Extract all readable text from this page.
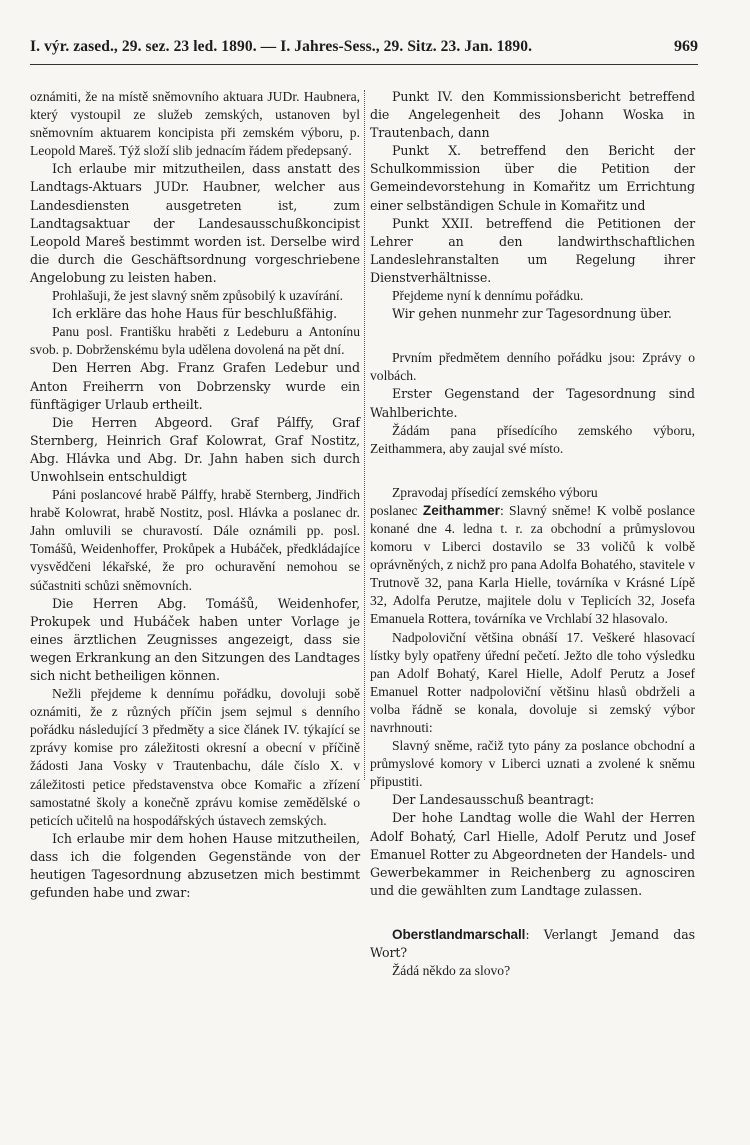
I. výr. zased., 29. sez. 23 led. 1890. — I. Jahres-Sess., 29. Sitz. 23. Jan. 1890.	969

oznámiti, že na místě sněmovního aktuara JUDr. Haubnera, který vystoupil ze služeb zemských, ustanoven byl sněmovním aktuarem koncipista při zemském výboru, p. Leopold Mareš. Týž složí slib jednacím řádem předepsaný.

Ich erlaube mir mitzutheilen, dass anstatt des Landtags-Aktuars JUDr. Haubner, welcher aus Landesdiensten ausgetreten ist, zum Landtagsaktuar der Landesausschußkoncipist Leopold Mareš bestimmt worden ist. Derselbe wird die durch die Geschäftsordnung vorgeschriebene Angelobung zu leisten haben.

Prohlašuji, že jest slavný sněm způsobilý k uzavírání.

Ich erkläre das hohe Haus für beschlußfähig.

Panu posl. Františku hraběti z Ledeburu a Antonínu svob. p. Dobrženskému byla udělena dovolená na pět dní.

Den Herren Abg. Franz Grafen Ledebur und Anton Freiherrn von Dobrzensky wurde ein fünftägiger Urlaub ertheilt.

Die Herren Abgeord. Graf Pálffy, Graf Sternberg, Heinrich Graf Kolowrat, Graf Nostitz, Abg. Hlávka und Abg. Dr. Jahn haben sich durch Unwohlsein entschuldigt

Páni poslancové hrabě Pálffy, hrabě Sternberg, Jindřich hrabě Kolowrat, hrabě Nostitz, posl. Hlávka a poslanec dr. Jahn omluvili se churavostí. Dále oznámili pp. posl. Tomášů, Weidenhoffer, Prokůpek a Hubáček, předkládajíce vysvědčeni lékařské, že pro ochuravění nemohou se súčastniti schůzi sněmovních.

Die Herren Abg. Tomášů, Weidenhofer, Prokupek und Hubáček haben unter Vorlage je eines ärztlichen Zeugnisses angezeigt, dass sie wegen Erkrankung an den Sitzungen des Landtages sich nicht betheiligen können.

Nežli přejdeme k dennímu pořádku, dovoluji sobě oznámiti, že z různých příčin jsem sejmul s denního pořádku následující 3 předměty a sice článek IV. týkající se zprávy komise pro záležitosti okresní a obecní v příčině žádosti Jana Vosky v Trautenbachu, dále číslo X. v záležitosti petice představenstva obce Komařic a zřízení samostatné školy a konečně zprávu komise zemědělské o peticích učitelů na hospodářských ústavech zemských.

Ich erlaube mir dem hohen Hause mitzutheilen, dass ich die folgenden Gegenstände von der heutigen Tagesordnung abzusetzen mich bestimmt gefunden habe und zwar:

Punkt IV. den Kommissionsbericht betreffend die Angelegenheit des Johann Woska in Trautenbach, dann

Punkt X. betreffend den Bericht der Schulkommission über die Petition der Gemeindevorstehung in Komařitz um Errichtung einer selbständigen Schule in Komařitz und

Punkt XXII. betreffend die Petitionen der Lehrer an den landwirthschaftlichen Landeslehranstalten um Regelung ihrer Dienstverhältnisse.

Přejdeme nyní k dennímu pořádku.

Wir gehen nunmehr zur Tagesordnung über.

Prvním předmětem denního pořádku jsou: Zprávy o volbách.

Erster Gegenstand der Tagesordnung sind Wahlberichte.

Žádám pana přísedícího zemského výboru, Zeithammera, aby zaujal své místo.

Zpravodaj přísedící zemského výboru

poslanec Zeithammer: Slavný sněme! K volbě poslance konané dne 4. ledna t. r. za obchodní a průmyslovou komoru v Liberci dostavilo se 33 voličů k volbě oprávněných, z nichž pro pana Adolfa Bohatého, stavitele v Trutnově 32, pana Karla Hielle, továrníka v Krásné Lípě 32, Adolfa Perutze, majitele dolu v Teplicích 32, Josefa Emanuela Rottera, továrníka ve Vrchlabí 32 hlasovalo.

Nadpoloviční většina obnáší 17. Veškeré hlasovací lístky byly opatřeny úřední pečetí. Ježto dle toho výsledku pan Adolf Bohatý, Karel Hielle, Adolf Perutz a Josef Emanuel Rotter nadpoloviční většinu hlasů obdrželi a volba řádně se konala, dovoluje si zemský výbor navrhnouti:

Slavný sněme, račiž tyto pány za poslance obchodní a průmyslové komory v Liberci uznati a zvolené k sněmu připustiti.

Der Landesausschuß beantragt:

Der hohe Landtag wolle die Wahl der Herren Adolf Bohatý, Carl Hielle, Adolf Perutz und Josef Emanuel Rotter zu Abgeordneten der Handels- und Gewerbekammer in Reichenberg zu agnosciren und die gewählten zum Landtage zulassen.

Oberstlandmarschall: Verlangt Jemand das Wort?

Žádá někdo za slovo?
